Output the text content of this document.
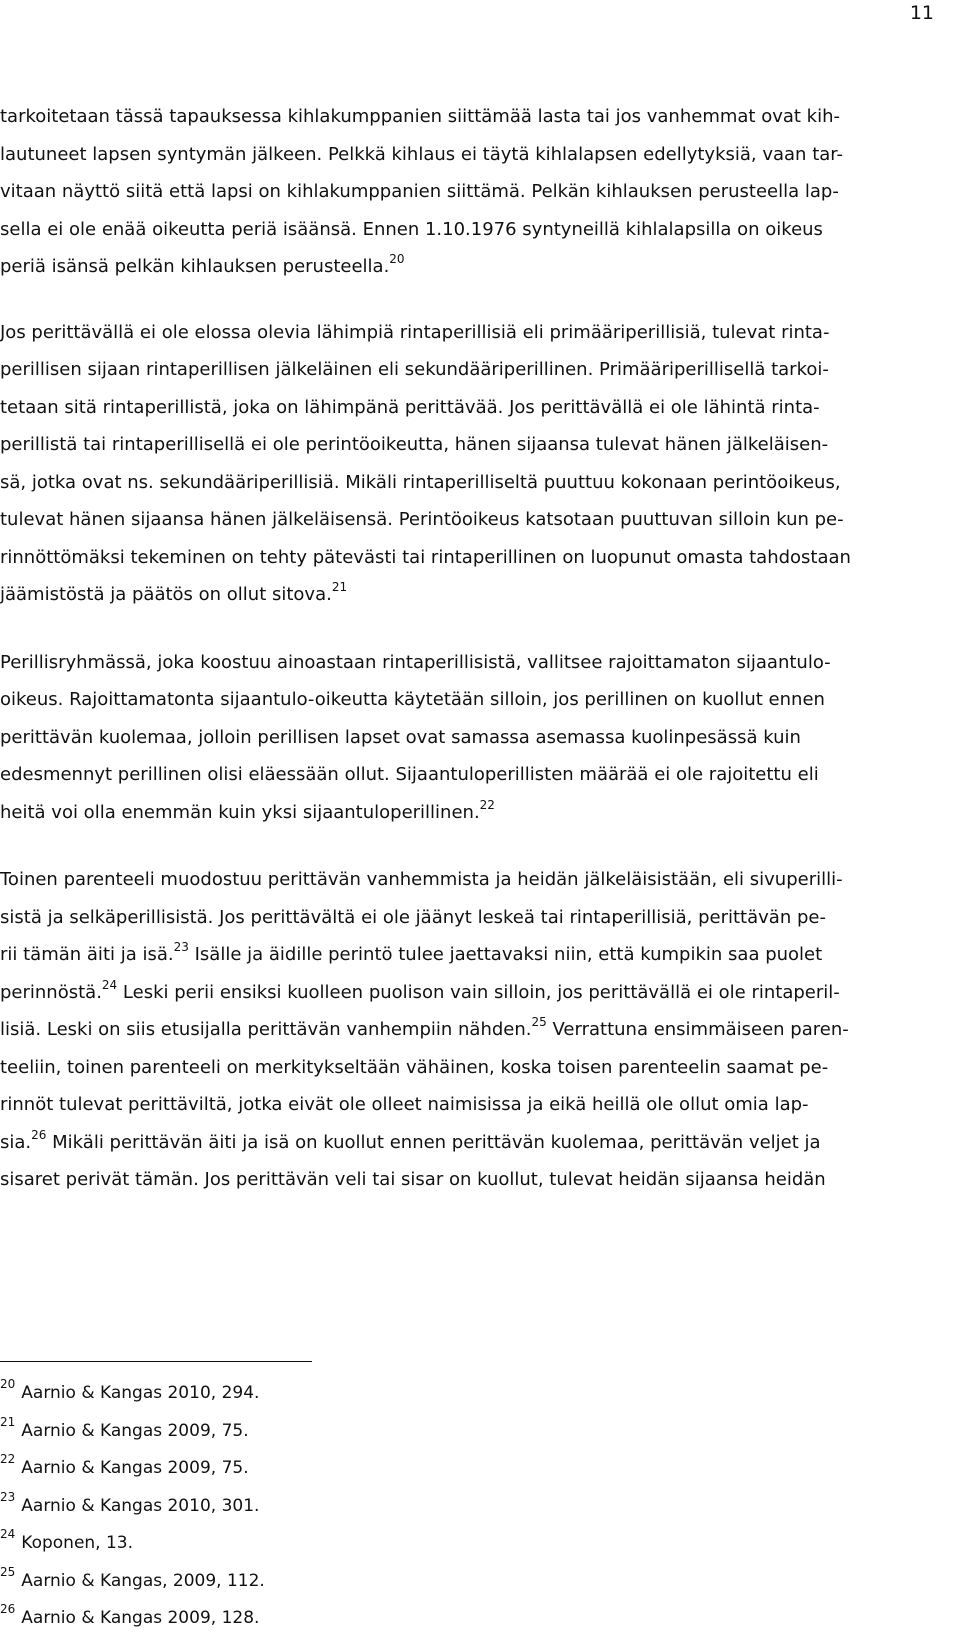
11

tarkoitetaan tässä tapauksessa kihlakumppanien siittämää lasta tai jos vanhemmat ovat kih-
lautuneet lapsen syntymän jälkeen. Pelkkä kihlaus ei täytä kihlalapsen edellytyksiä, vaan tar-
vitaan näyttö siitä että lapsi on kihlakumppanien siittämä. Pelkän kihlauksen perusteella lap-
sella ei ole enää oikeutta periä isäänsä. Ennen 1.10.1976 syntyneillä kihlalapsilla on oikeus
periä isänsä pelkän kihlauksen perusteella.$^{20}$

Jos perittävällä ei ole elossa olevia lähimpiä rintaperillisiä eli primääriperillisiä, tulevat rinta-
perillisen sijaan rintaperillisen jälkeläinen eli sekundääriperillinen. Primääriperillisellä tarkoi-
tetaan sitä rintaperillistä, joka on lähimpänä perittävää. Jos perittävällä ei ole lähintä rinta-
perillistä tai rintaperillisellä ei ole perintöoikeutta, hänen sijaansa tulevat hänen jälkeläisen-
sä, jotka ovat ns. sekundääriperillisiä. Mikäli rintaperilliseltä puuttuu kokonaan perintöoikeus,
tulevat hänen sijaansa hänen jälkeläisensä. Perintöoikeus katsotaan puuttuvan silloin kun pe-
rinnöttömäksi tekeminen on tehty pätevästi tai rintaperillinen on luopunut omasta tahdostaan
jäämistöstä ja päätös on ollut sitova.$^{21}$

Perillisryhmässä, joka koostuu ainoastaan rintaperillisistä, vallitsee rajoittamaton sijaantulo-
oikeus. Rajoittamatonta sijaantulo-oikeutta käytetään silloin, jos perillinen on kuollut ennen
perittävän kuolemaa, jolloin perillisen lapset ovat samassa asemassa kuolinpesässä kuin
edesmennyt perillinen olisi eläessään ollut. Sijaantuloperillisten määrää ei ole rajoitettu eli
heitä voi olla enemmän kuin yksi sijaantuloperillinen.$^{22}$

Toinen parenteeli muodostuu perittävän vanhemmista ja heidän jälkeläisistään, eli sivuperilli-
sistä ja selkäperillisistä. Jos perittävältä ei ole jäänyt leskeä tai rintaperillisiä, perittävän pe-
rii tämän äiti ja isä.$^{23}$ Isälle ja äidille perintö tulee jaettavaksi niin, että kumpikin saa puolet
perinnöstä.$^{24}$ Leski perii ensiksi kuolleen puolison vain silloin, jos perittävällä ei ole rintaperil-
lisiä. Leski on siis etusijalla perittävän vanhempiin nähden.$^{25}$ Verrattuna ensimmäiseen paren-
teeliin, toinen parenteeli on merkitykseltään vähäinen, koska toisen parenteelin saamat pe-
rinnöt tulevat perittäviltä, jotka eivät ole olleet naimisissa ja eikä heillä ole ollut omia lap-
sia.$^{26}$ Mikäli perittävän äiti ja isä on kuollut ennen perittävän kuolemaa, perittävän veljet ja
sisaret perivät tämän. Jos perittävän veli tai sisar on kuollut, tulevat heidän sijaansa heidän

$^{20}$ Aarnio & Kangas 2010, 294.
$^{21}$ Aarnio & Kangas 2009, 75.
$^{22}$ Aarnio & Kangas 2009, 75.
$^{23}$ Aarnio & Kangas 2010, 301.
$^{24}$ Koponen, 13.
$^{25}$ Aarnio & Kangas, 2009, 112.
$^{26}$ Aarnio & Kangas 2009, 128.
